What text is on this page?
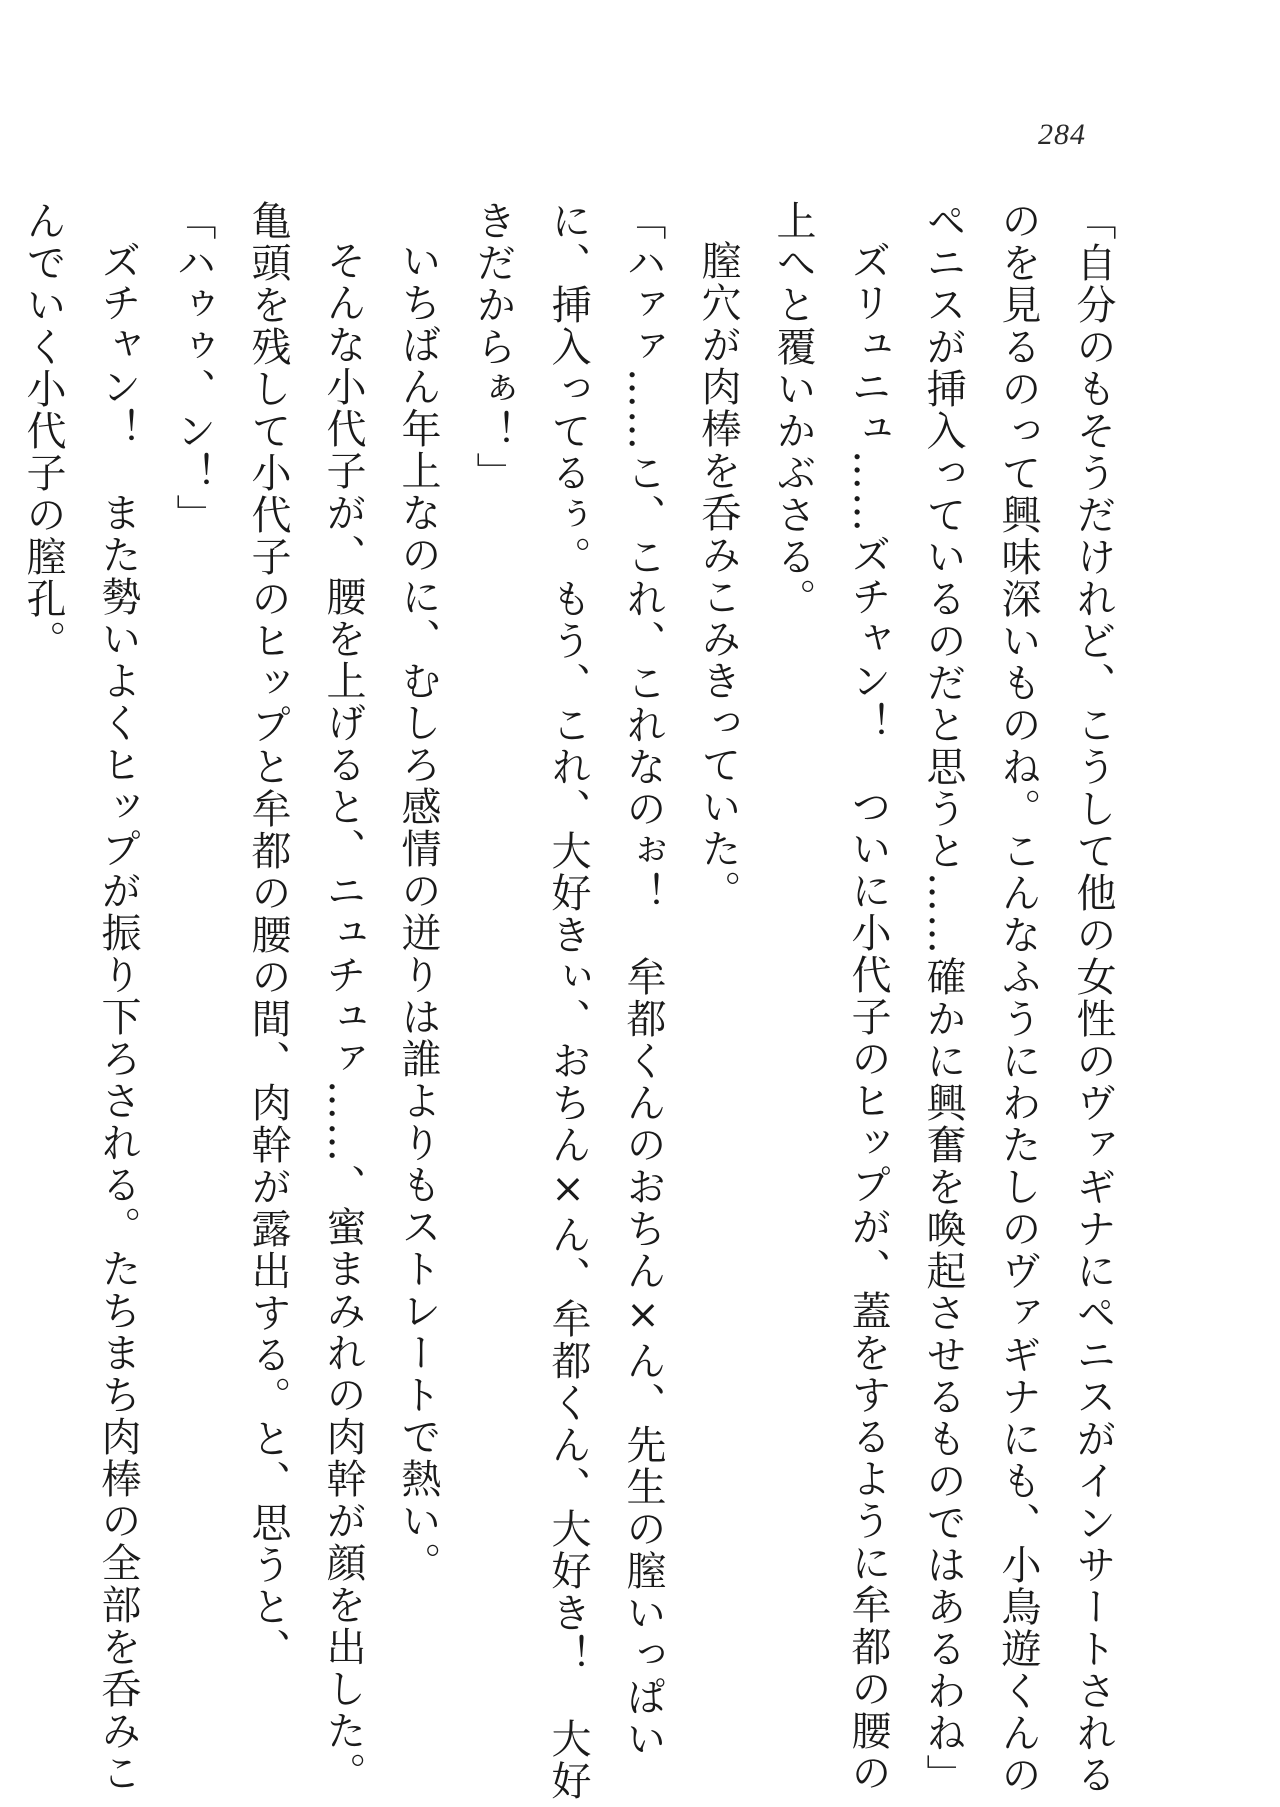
284

「自分のもそうだけれど、こうして他の女性のヴァギナにペニスがインサートされる

のを見るのって興味深いものね。こんなふうにわたしのヴァギナにも、小鳥遊くんの

ペニスが挿入っているのだと思うと……確かに興奮を喚起させるものではあるわね」

ズリュニュ……ズチャン！　ついに小代子のヒップが、蓋をするように牟都の腰の

上へと覆いかぶさる。

膣穴が肉棒を呑みこみきっていた。

「ハァァ……こ、これ、これなのぉ！　牟都くんのおちん×ん、先生の膣いっぱい

に、挿入ってるぅ。もう、これ、大好きぃ、おちん×ん、牟都くん、大好き！　大好

きだからぁ！」

いちばん年上なのに、むしろ感情の迸りは誰よりもストレートで熱い。

そんな小代子が、腰を上げると、ニュチュァ……、蜜まみれの肉幹が顔を出した。

亀頭を残して小代子のヒップと牟都の腰の間、肉幹が露出する。と、思うと、

「ハゥゥ、ン！」

ズチャン！　また勢いよくヒップが振り下ろされる。たちまち肉棒の全部を呑みこ

んでいく小代子の膣孔。
